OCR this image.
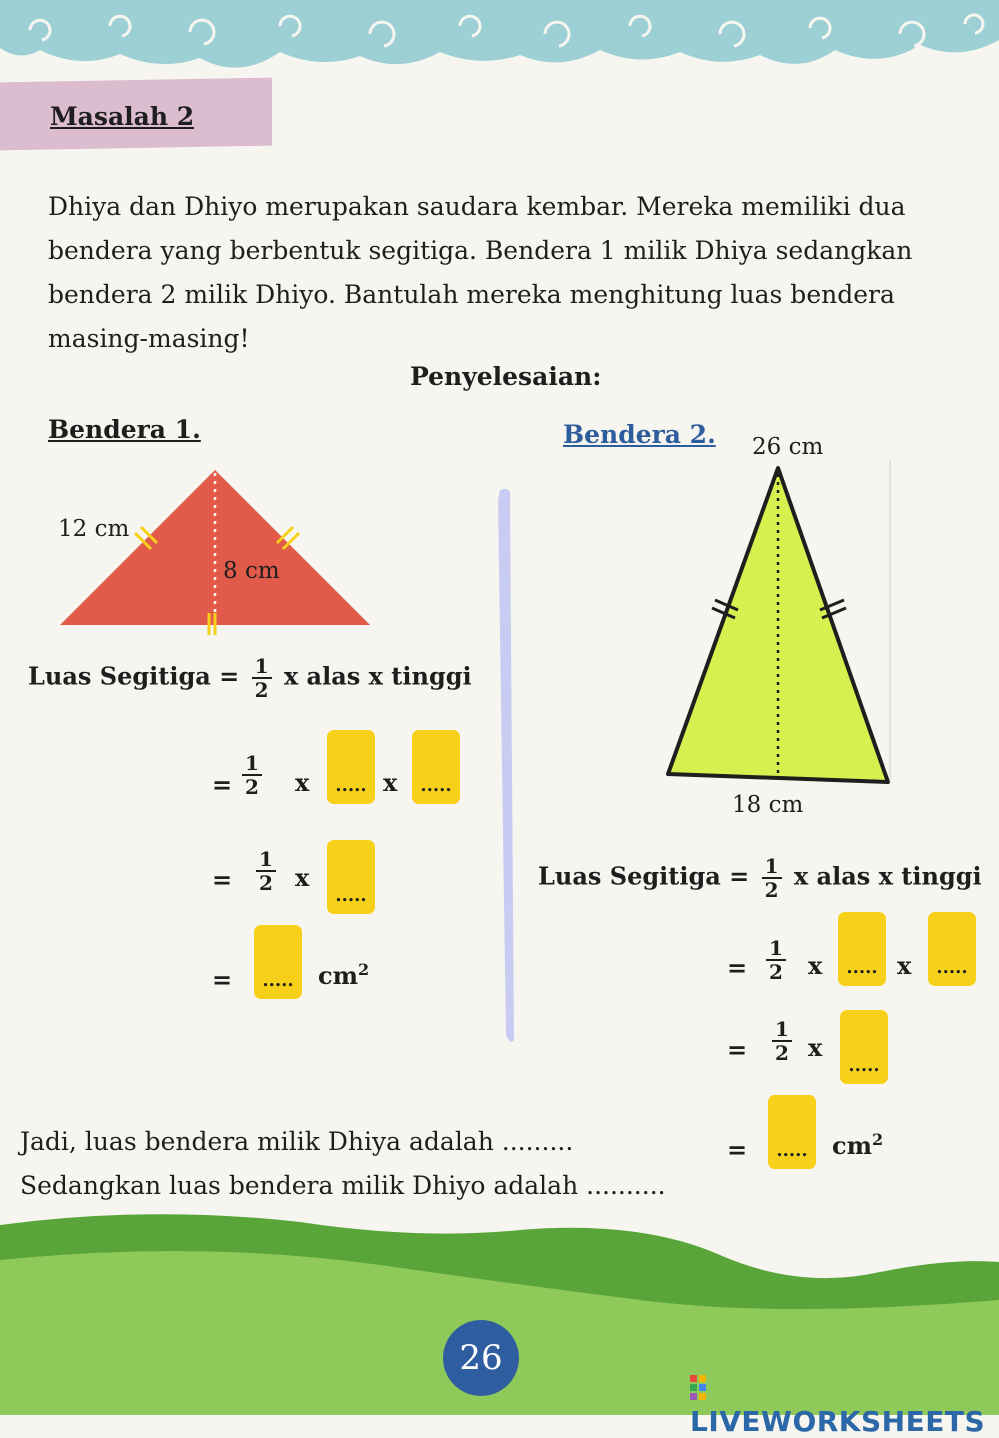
Masalah 2
Dhiya dan Dhiyo merupakan saudara kembar. Mereka memiliki dua bendera yang berbentuk segitiga. Bendera 1 milik Dhiya sedangkan bendera 2 milik Dhiyo. Bantulah mereka menghitung luas bendera masing-masing!
Penyelesaian:
Bendera 1.
12 cm
8 cm
Luas Segitiga = $\frac{1}{2}$ x alas x tinggi
= $\frac{1}{2}$ x	..... x	.....
= $\frac{1}{2}$ x
.....
=	.....	$cm^2$
Bendera 2. 26 cm
18 cm
Luas Segitiga = $\frac{1}{2}$ x alas x tinggi
= $\frac{1}{2}$ x	..... x	.....
= $\frac{1}{2}$ x
.....
=	.....	$cm^2$
Jadi, luas bendera milik Dhiya adalah .........
Sedangkan luas bendera milik Dhiyo adalah ..........
26
LIVEWORKSHEETS
